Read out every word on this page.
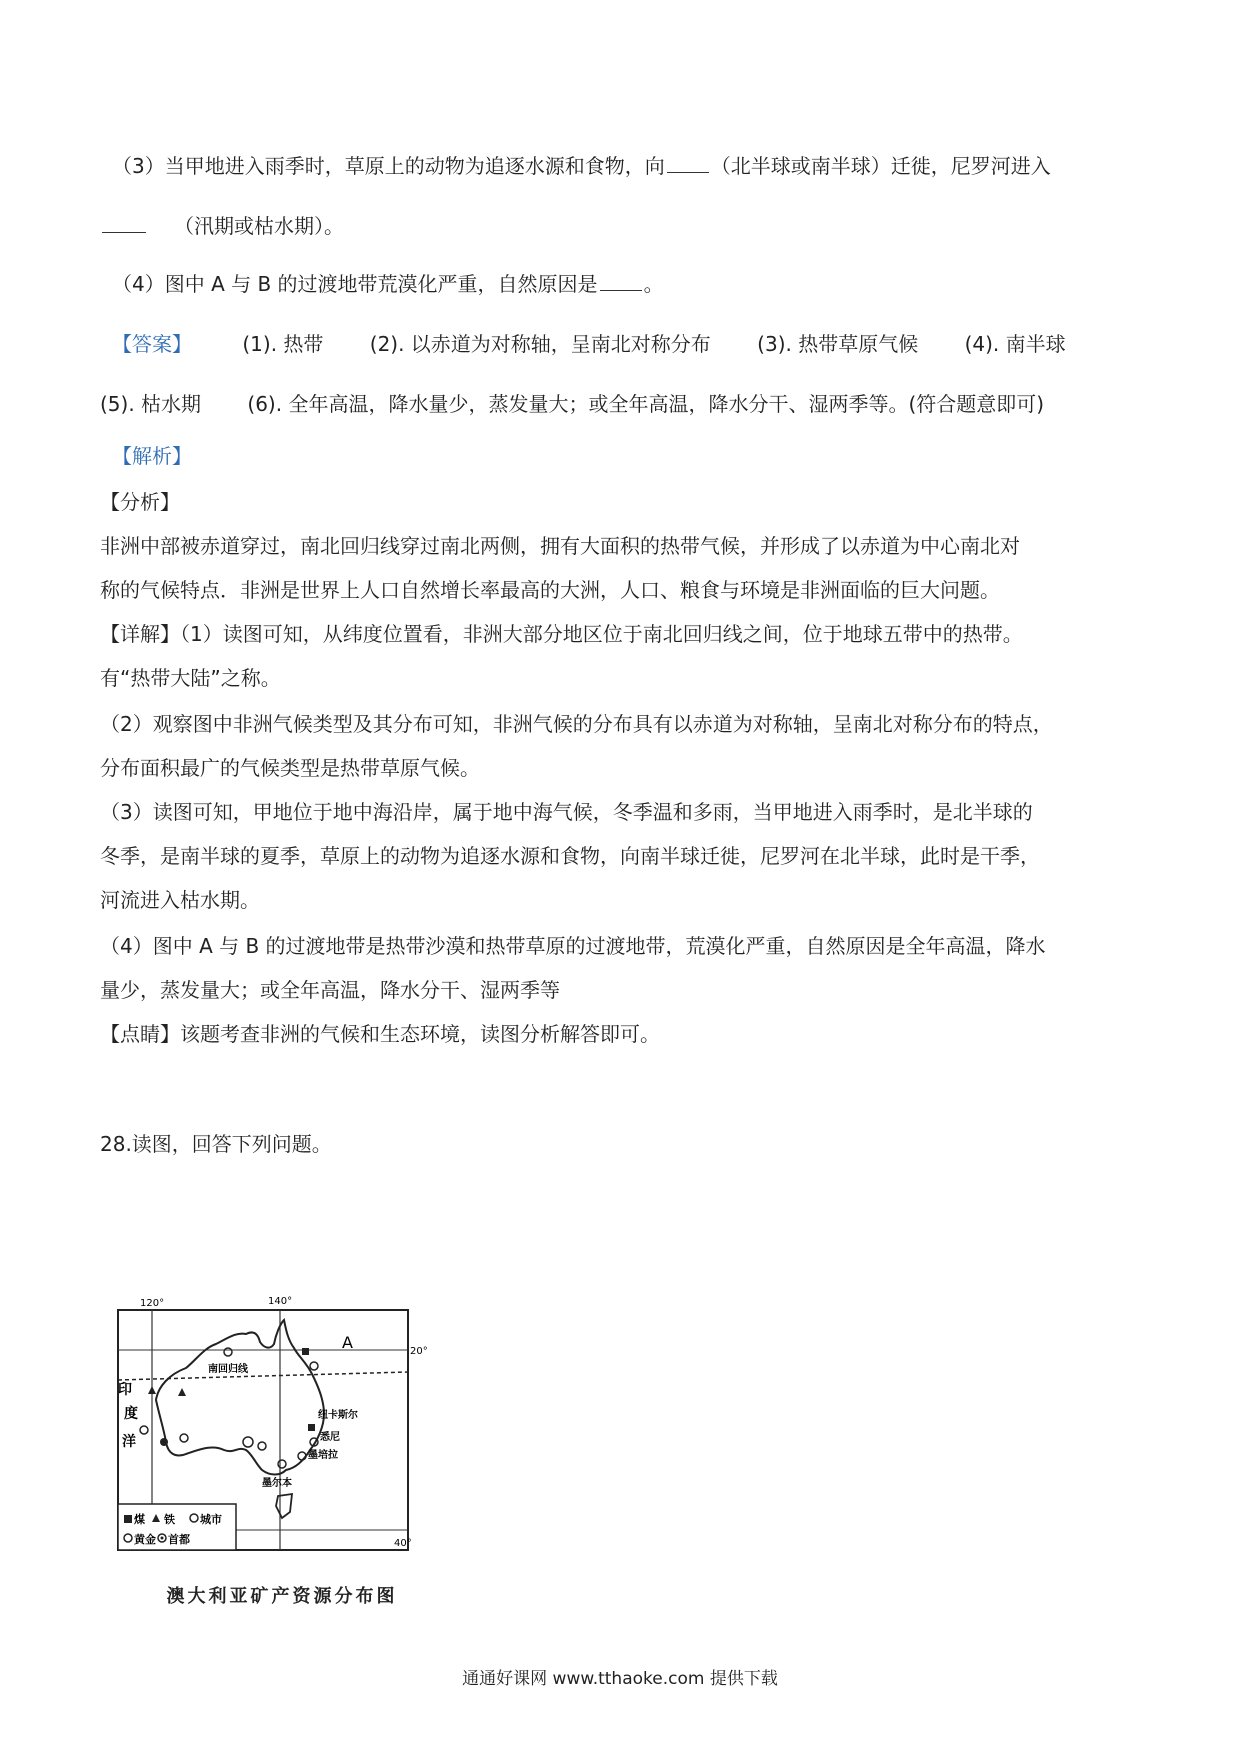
（3）当甲地进入雨季时，草原上的动物为追逐水源和食物，向 （北半球或南半球）迁徙，尼罗河进入
（汛期或枯水期）。
（4）图中 A 与 B 的过渡地带荒漠化严重，自然原因是 。
【答案】	(1). 热带 (2). 以赤道为对称轴，呈南北对称分布 (3). 热带草原气候 (4). 南半球
(5). 枯水期 (6). 全年高温，降水量少，蒸发量大；或全年高温，降水分干、湿两季等。(符合题意即可)
【解析】
【分析】
非洲中部被赤道穿过，南北回归线穿过南北两侧，拥有大面积的热带气候，并形成了以赤道为中心南北对
称的气候特点．非洲是世界上人口自然增长率最高的大洲，人口、粮食与环境是非洲面临的巨大问题。
【详解】（1）读图可知，从纬度位置看，非洲大部分地区位于南北回归线之间，位于地球五带中的热带。
有“热带大陆”之称。
（2）观察图中非洲气候类型及其分布可知，非洲气候的分布具有以赤道为对称轴，呈南北对称分布的特点，
分布面积最广的气候类型是热带草原气候。
（3）读图可知，甲地位于地中海沿岸，属于地中海气候，冬季温和多雨，当甲地进入雨季时，是北半球的
冬季，是南半球的夏季，草原上的动物为追逐水源和食物，向南半球迁徙，尼罗河在北半球，此时是干季，
河流进入枯水期。
（4）图中 A 与 B 的过渡地带是热带沙漠和热带草原的过渡地带，荒漠化严重，自然原因是全年高温，降水
量少，蒸发量大；或全年高温，降水分干、湿两季等
【点睛】该题考查非洲的气候和生态环境，读图分析解答即可。
28.读图，回答下列问题。
煤 铁 城市
黄金 首都
120°	140°
20°
40°
南回归线
印
度
洋
A
纽卡斯尔
悉尼
墨培拉
墨尔本
澳大利亚矿产资源分布图
通通好课网 www.tthaoke.com 提供下载
